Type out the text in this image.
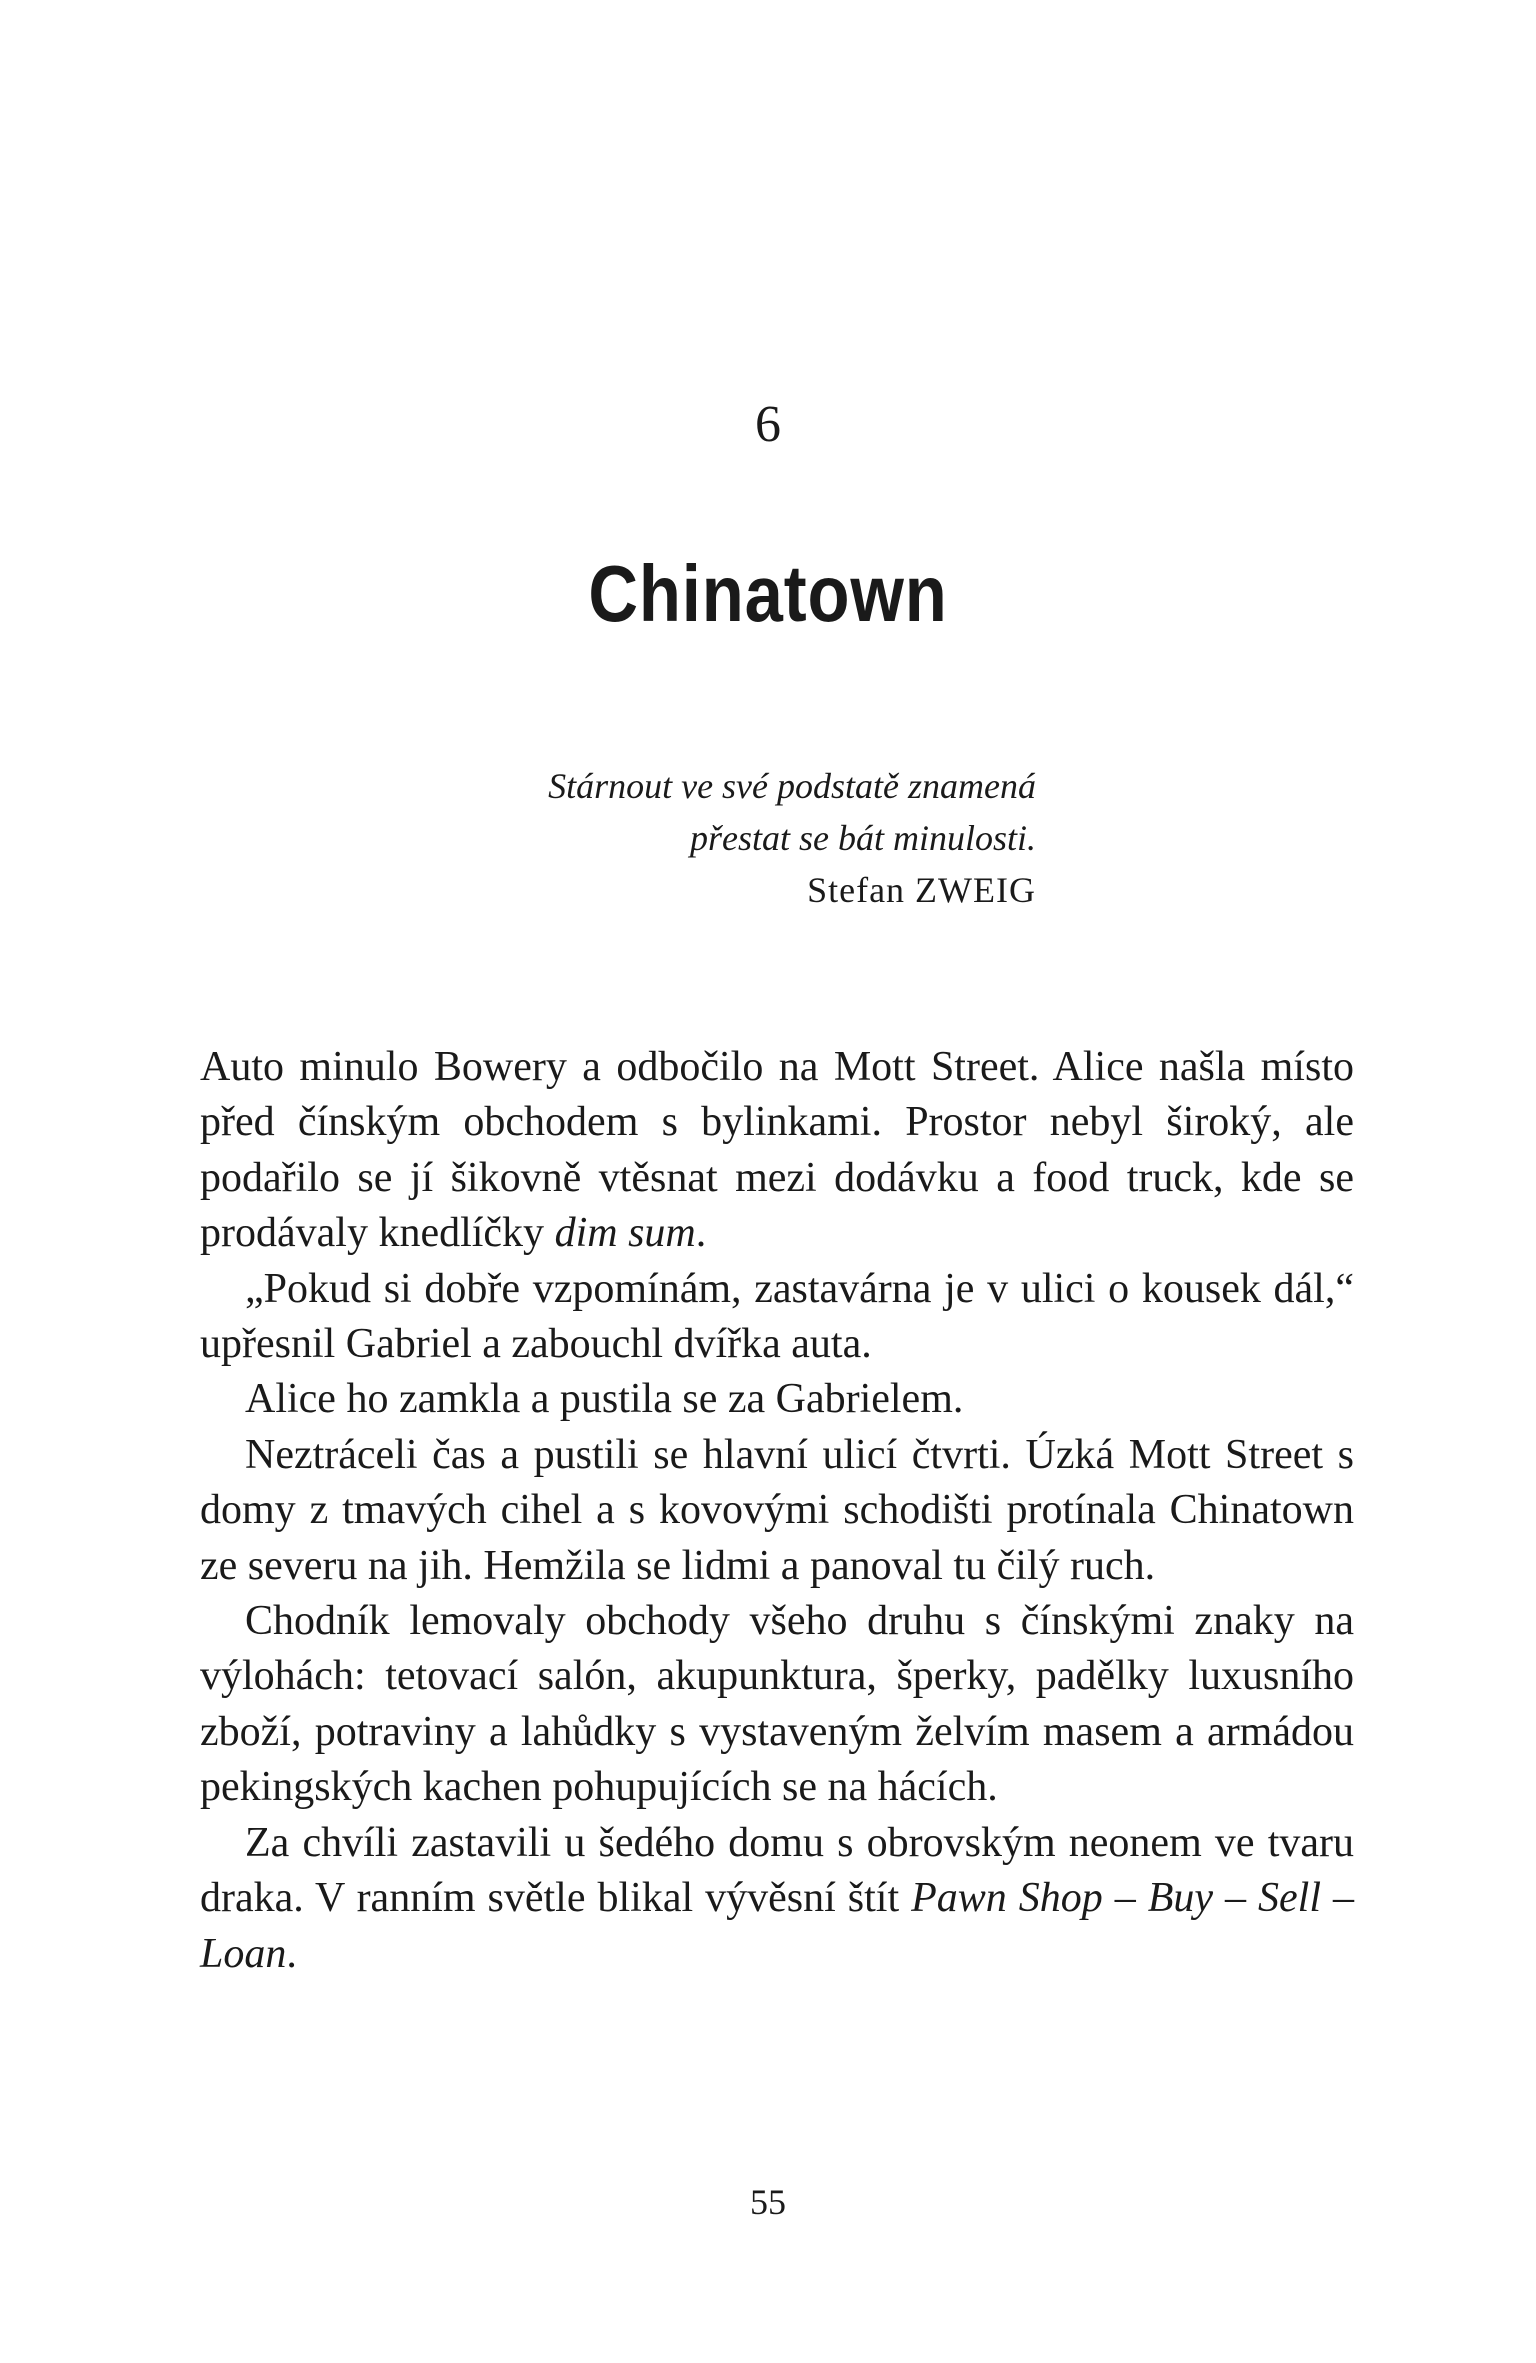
6
Chinatown
Stárnout ve své podstatě znamená
přestat se bát minulosti.
Stefan ZWEIG

Auto minulo Bowery a odbočilo na Mott Street. Alice našla místo před čínským obchodem s bylinkami. Prostor nebyl široký, ale podařilo se jí šikovně vtěsnat mezi dodávku a food truck, kde se prodávaly knedlíčky dim sum.

„Pokud si dobře vzpomínám, zastavárna je v ulici o kousek dál,“ upřesnil Gabriel a zabouchl dvířka auta.

Alice ho zamkla a pustila se za Gabrielem.

Neztráceli čas a pustili se hlavní ulicí čtvrti. Úzká Mott Street s domy z tmavých cihel a s kovovými schodišti protínala Chinatown ze severu na jih. Hemžila se lidmi a panoval tu čilý ruch.

Chodník lemovaly obchody všeho druhu s čínskými znaky na výlohách: tetovací salón, akupunktura, šperky, padělky luxusního zboží, potraviny a lahůdky s vystaveným želvím masem a armádou pekingských kachen pohupujících se na hácích.

Za chvíli zastavili u šedého domu s obrovským neonem ve tvaru draka. V ranním světle blikal vývěsní štít Pawn Shop – Buy – Sell – Loan.

55
